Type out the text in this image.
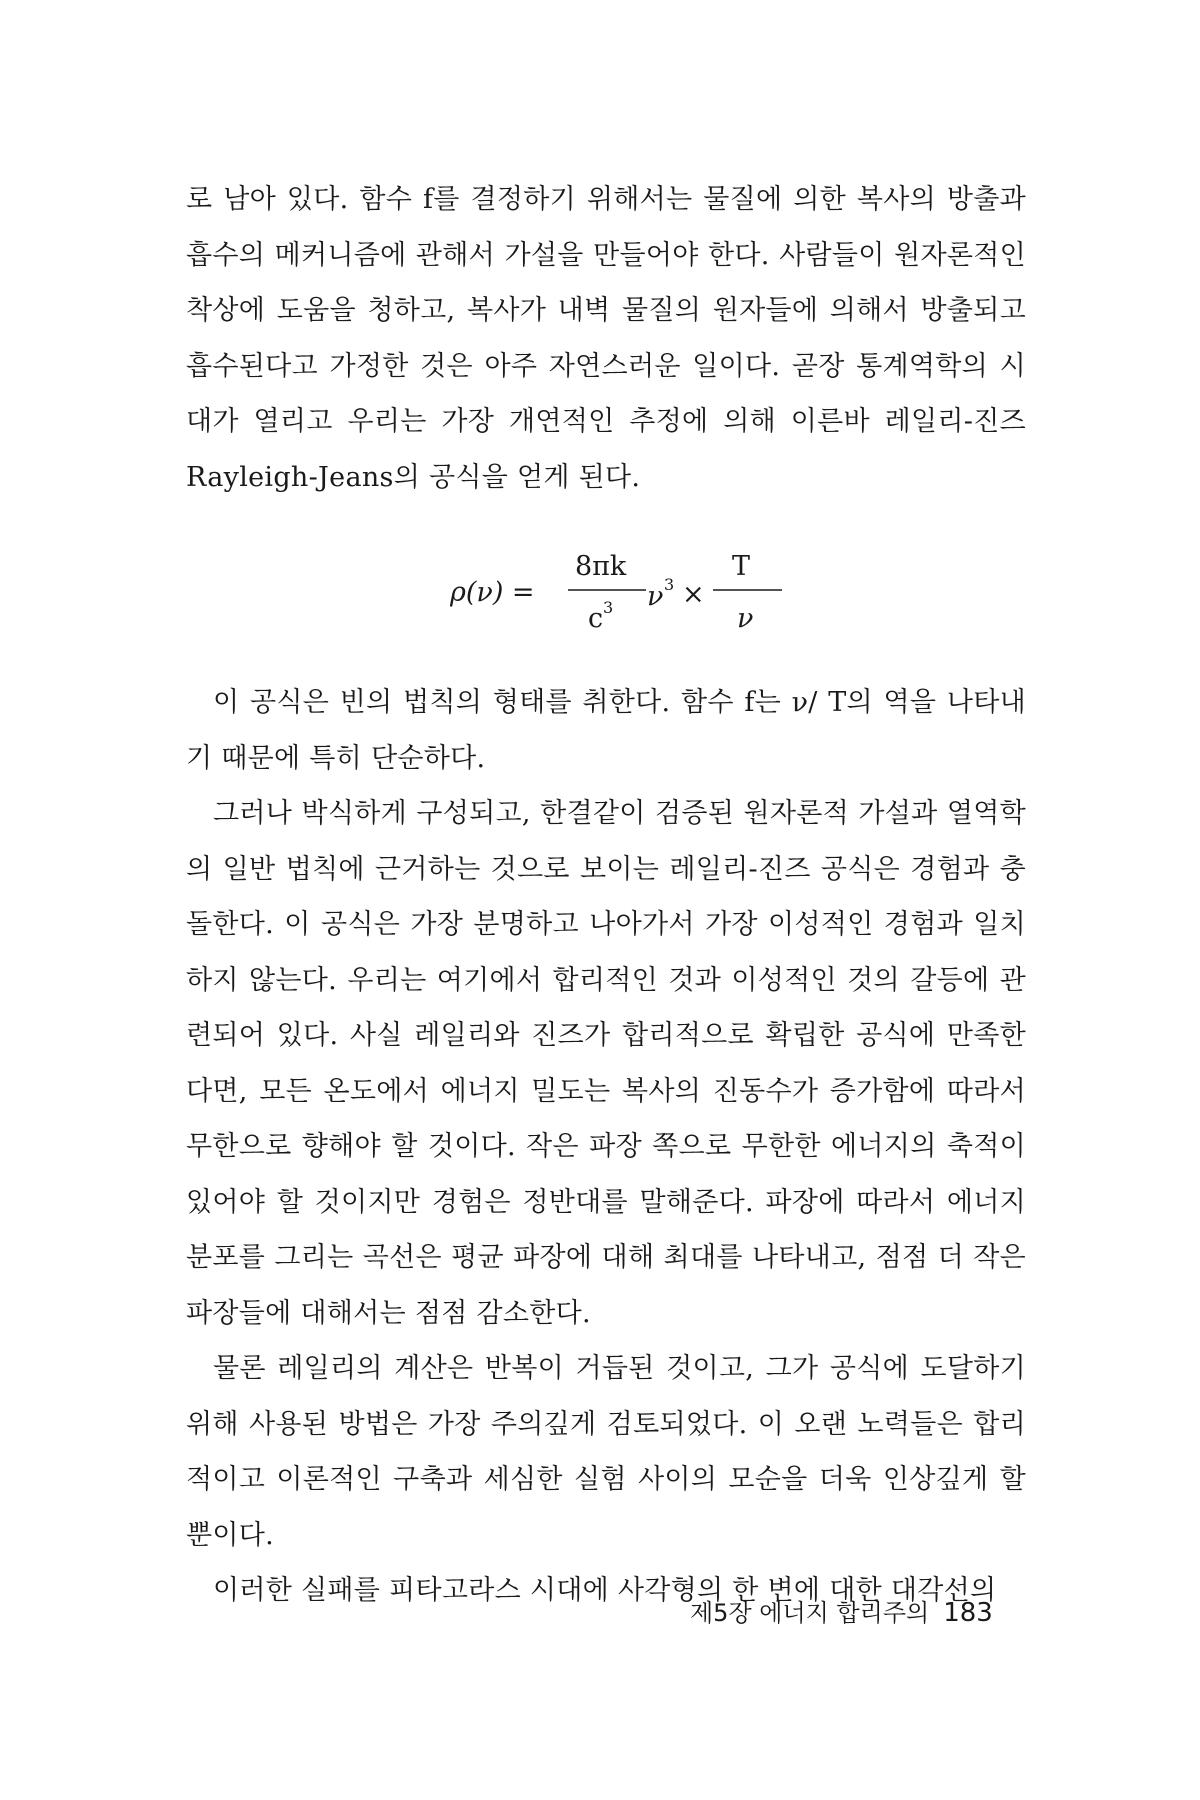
로 남아 있다. 함수 f를 결정하기 위해서는 물질에 의한 복사의 방출과 흡수의 메커니즘에 관해서 가설을 만들어야 한다. 사람들이 원자론적인 착상에 도움을 청하고, 복사가 내벽 물질의 원자들에 의해서 방출되고 흡수된다고 가정한 것은 아주 자연스러운 일이다. 곧장 통계역학의 시대가 열리고 우리는 가장 개연적인 추정에 의해 이른바 레일리-진즈 Rayleigh-Jeans의 공식을 얻게 된다.

ρ(ν) =
8πk
c 3 ν 3 ×
T
ν

이 공식은 빈의 법칙의 형태를 취한다. 함수 f는 ν/ T의 역을 나타내기 때문에 특히 단순하다.

그러나 박식하게 구성되고, 한결같이 검증된 원자론적 가설과 열역학의 일반 법칙에 근거하는 것으로 보이는 레일리-진즈 공식은 경험과 충돌한다. 이 공식은 가장 분명하고 나아가서 가장 이성적인 경험과 일치하지 않는다. 우리는 여기에서 합리적인 것과 이성적인 것의 갈등에 관련되어 있다. 사실 레일리와 진즈가 합리적으로 확립한 공식에 만족한다면, 모든 온도에서 에너지 밀도는 복사의 진동수가 증가함에 따라서 무한으로 향해야 할 것이다. 작은 파장 쪽으로 무한한 에너지의 축적이 있어야 할 것이지만 경험은 정반대를 말해준다. 파장에 따라서 에너지 분포를 그리는 곡선은 평균 파장에 대해 최대를 나타내고, 점점 더 작은 파장들에 대해서는 점점 감소한다.

물론 레일리의 계산은 반복이 거듭된 것이고, 그가 공식에 도달하기 위해 사용된 방법은 가장 주의깊게 검토되었다. 이 오랜 노력들은 합리적이고 이론적인 구축과 세심한 실험 사이의 모순을 더욱 인상깊게 할 뿐이다.

이러한 실패를 피타고라스 시대에 사각형의 한 변에 대한 대각선의

제5장 에너지 합리주의 183
